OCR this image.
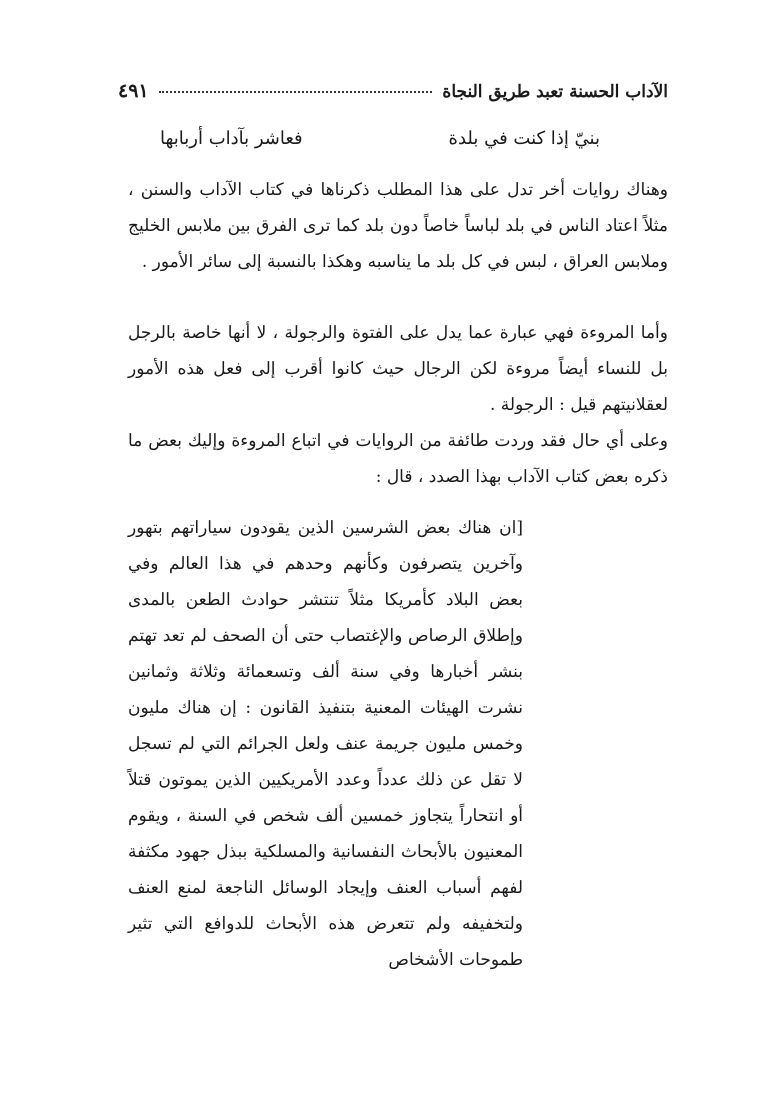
الآداب الحسنة تعبد طريق النجاة
٤٩١
بنيّ إذا كنت في بلدة
فعاشر بآداب أربابها
وهناك روايات أخر تدل على هذا المطلب ذكرناها في كتاب الآداب والسنن ، مثلاً اعتاد الناس في بلد لباساً خاصاً دون بلد كما ترى الفرق بين ملابس الخليج وملابس العراق ، لبس في كل بلد ما يناسبه وهكذا بالنسبة إلى سائر الأمور .
وأما المروءة فهي عبارة عما يدل على الفتوة والرجولة ، لا أنها خاصة بالرجل بل للنساء أيضاً مروءة لكن الرجال حيث كانوا أقرب إلى فعل هذه الأمور لعقلانيتهم قيل : الرجولة .
وعلى أي حال فقد وردت طائفة من الروايات في اتباع المروءة وإليك بعض ما ذكره بعض كتاب الآداب بهذا الصدد ، قال :
[ان هناك بعض الشرسين الذين يقودون سياراتهم بتهور وآخرين يتصرفون وكأنهم وحدهم في هذا العالم وفي بعض البلاد كأمريكا مثلاً تنتشر حوادث الطعن بالمدى وإطلاق الرصاص والإغتصاب حتى أن الصحف لم تعد تهتم بنشر أخبارها وفي سنة ألف وتسعمائة وثلاثة وثمانين نشرت الهيئات المعنية بتنفيذ القانون : إن هناك مليون وخمس مليون جريمة عنف ولعل الجرائم التي لم تسجل لا تقل عن ذلك عدداً وعدد الأمريكيين الذين يموتون قتلاً أو انتحاراً يتجاوز خمسين ألف شخص في السنة ، ويقوم المعنيون بالأبحاث النفسانية والمسلكية ببذل جهود مكثفة لفهم أسباب العنف وإيجاد الوسائل الناجعة لمنع العنف ولتخفيفه ولم تتعرض هذه الأبحاث للدوافع التي تثير طموحات الأشخاص
